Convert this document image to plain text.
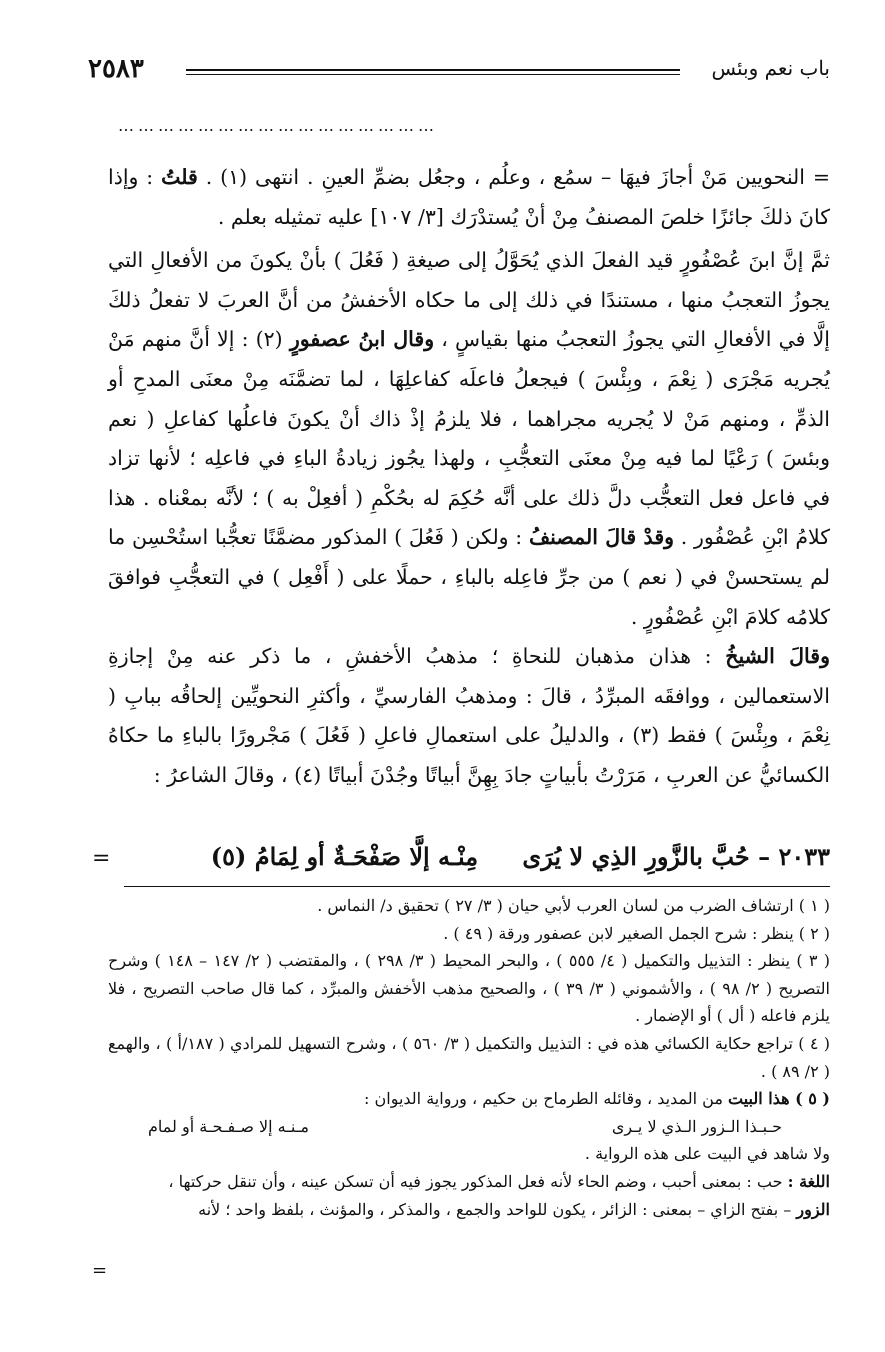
٢٥٨٣	باب نعم وبئس
…………………………………………

= النحويين مَنْ أجازَ فيهَا – سمُع ، وعلُم ، وجعُل بضمِّ العينِ . انتهى (١) . قلتُ : وإذا كانَ ذلكَ جائزًا خلصَ المصنفُ مِنْ أنْ يُستدْرَك [٣/ ١٠٧] عليه تمثيله بعلم .

ثمَّ إنَّ ابنَ عُصْفُورٍ قيد الفعلَ الذي يُحَوَّلُ إلى صيغةِ ( فَعُلَ ) بأنْ يكونَ من الأفعالِ التي يجوزُ التعجبُ منها ، مستندًا في ذلك إلى ما حكاه الأخفشُ من أنَّ العربَ لا تفعلُ ذلكَ إلَّا في الأفعالِ التي يجوزُ التعجبُ منها بقياسٍ ، وقال ابنُ عصفورٍ (٢) : إلا أنَّ منهم مَنْ يُجريه مَجْرَى ( نِعْمَ ، وبِئْسَ ) فيجعلُ فاعلَه كفاعلِهَا ، لما تضمَّنَه مِنْ معنَى المدحِ أو الذمِّ ، ومنهم مَنْ لا يُجريه مجراهما ، فلا يلزمُ إذْ ذاك أنْ يكونَ فاعلُها كفاعلِ ( نعم وبئسَ ) رَعْيًا لما فيه مِنْ معنَى التعجُّبِ ، ولهذا يجُوز زيادةُ الباءِ في فاعلِه ؛ لأنها تزاد في فاعل فعل التعجُّب دلَّ ذلك على أنَّه حُكِمَ له بحُكْمِ ( أفعِلْ به ) ؛ لأنَّه بمعْناه . هذا كلامُ ابْنِ عُصْفُور . وقدْ قالَ المصنفُ : ولكن ( فَعُلَ ) المذكور مضمَّنًا تعجُّبا استُحْسِن ما لم يستحسنْ في ( نعم ) من جرِّ فاعِله بالباءِ ، حملًا على ( أَفْعِل ) في التعجُّبِ فوافقَ كلامُه كلامَ ابْنِ عُصْفُورٍ .

وقالَ الشيخُ : هذان مذهبان للنحاةِ ؛ مذهبُ الأخفشِ ، ما ذكر عنه مِنْ إجازةِ الاستعمالين ، ووافقَه المبرِّدُ ، قالَ : ومذهبُ الفارسيِّ ، وأكثرِ النحويِّين إلحاقُه ببابِ ( نِعْمَ ، وبِئْسَ ) فقط (٣) ، والدليلُ على استعمالِ فاعلِ ( فَعُلَ ) مَجْرورًا بالباءِ ما حكاهُ الكسائيُّ عن العربِ ، مَرَرْتُ بأبياتٍ جادَ بِهِنَّ أبياتًا وجُدْنَ أبياتًا (٤) ، وقالَ الشاعرُ :

٢٠٣٣ – حُبَّ بالزَّورِ الذِي لا يُرَى مِنْـه إلَّا صَفْحَـةٌ أو لِمَامُ (٥)
=

( ١ ) ارتشاف الضرب من لسان العرب لأبي حيان ( ٣/ ٢٧ ) تحقيق د/ النماس .

( ٢ ) ينظر : شرح الجمل الصغير لابن عصفور ورقة ( ٤٩ ) .

( ٣ ) ينظر : التذييل والتكميل ( ٤/ ٥٥٥ ) ، والبحر المحيط ( ٣/ ٢٩٨ ) ، والمقتضب ( ٢/ ١٤٧ – ١٤٨ ) وشرح التصريح ( ٢/ ٩٨ ) ، والأشموني ( ٣/ ٣٩ ) ، والصحيح مذهب الأخفش والمبرِّد ، كما قال صاحب التصريح ، فلا يلزم فاعله ( أل ) أو الإضمار .

( ٤ ) تراجع حكاية الكسائي هذه في : التذييل والتكميل ( ٣/ ٥٦٠ ) ، وشرح التسهيل للمرادي ( ١٨٧/أ ) ، والهمع ( ٢/ ٨٩ ) .

( ٥ ) هذا البيت من المديد ، وقائله الطرماح بن حكيم ، ورواية الديوان :

حـبـذا الـزور الـذي لا يـرى
مـنـه إلا صـفـحـة أو لمام

ولا شاهد في البيت على هذه الرواية .

اللغة : حب : بمعنى أحبب ، وضم الحاء لأنه فعل المذكور يجوز فيه أن تسكن عينه ، وأن تنقل حركتها ،

الزور – بفتح الزاي – بمعنى : الزائر ، يكون للواحد والجمع ، والمذكر ، والمؤنث ، بلفظ واحد ؛ لأنه

=
